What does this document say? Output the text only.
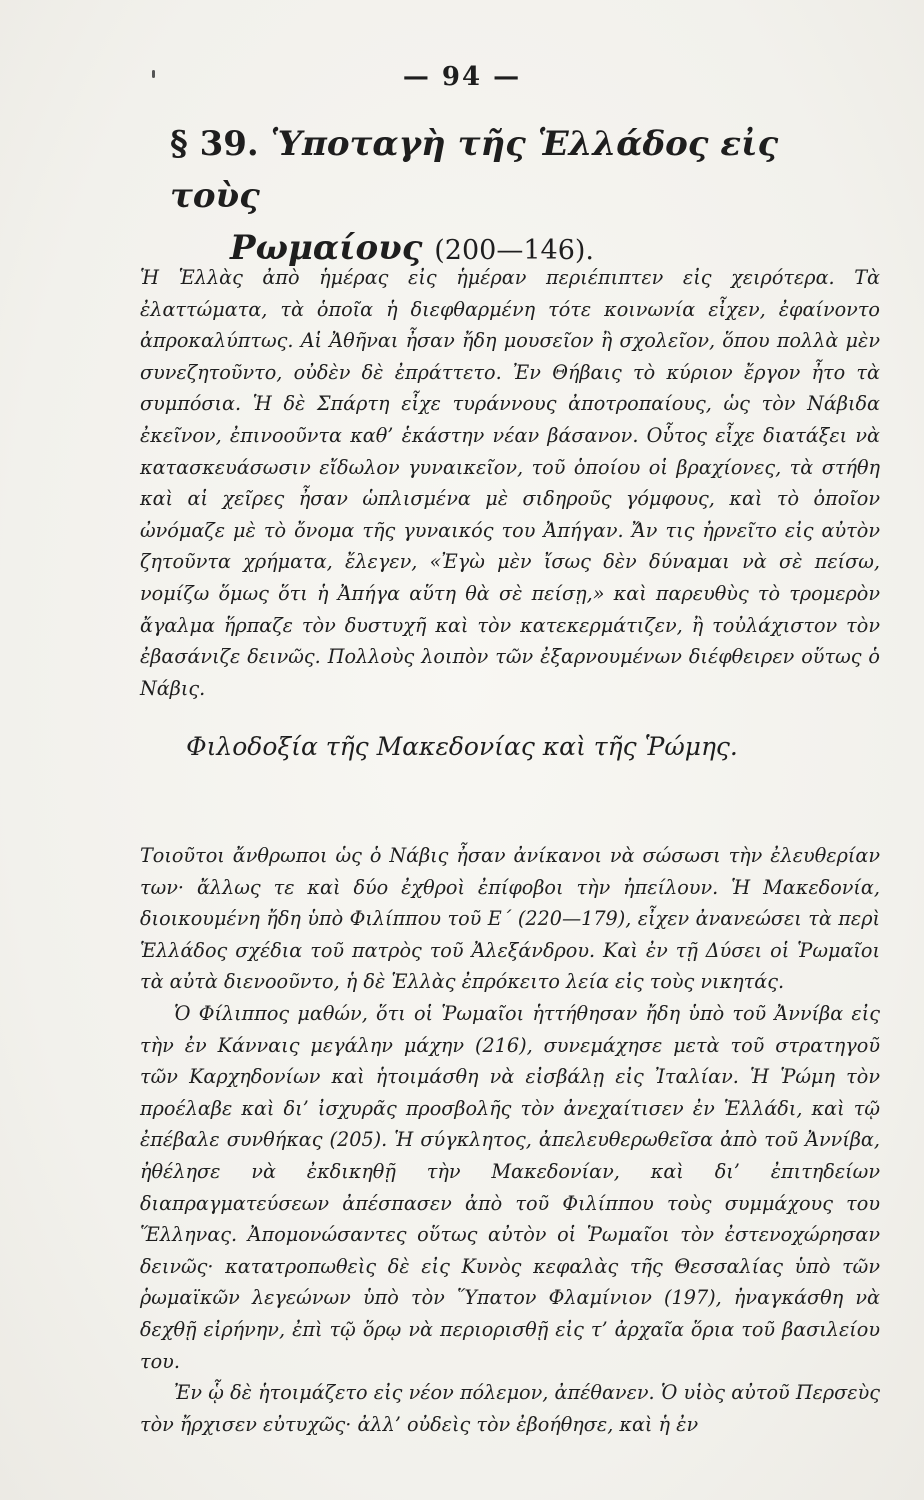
— 94 —
§ 39. Ὑποταγὴ τῆς Ἑλλάδος εἰς τοὺς
Ρωμαίους (200—146).

Ἡ Ἑλλὰς ἀπὸ ἡμέρας εἰς ἡμέραν περιέπιπτεν εἰς χειρότερα. Τὰ ἐλαττώματα, τὰ ὁποῖα ἡ διεφθαρμένη τότε κοινωνία εἶχεν, ἐφαίνοντο ἀπροκαλύπτως. Αἱ Ἀθῆναι ἦσαν ἤδη μουσεῖον ἢ σχολεῖον, ὅπου πολλὰ μὲν συνεζητοῦντο, οὐδὲν δὲ ἐπράττετο. Ἐν Θήβαις τὸ κύριον ἔργον ἦτο τὰ συμπόσια. Ἡ δὲ Σπάρτη εἶχε τυράννους ἀποτροπαίους, ὡς τὸν Νάβιδα ἐκεῖνον, ἐπινοοῦντα καθ’ ἑκάστην νέαν βάσανον. Οὗτος εἶχε διατάξει νὰ κατασκευάσωσιν εἴδωλον γυναικεῖον, τοῦ ὁποίου οἱ βραχίονες, τὰ στήθη καὶ αἱ χεῖρες ἦσαν ὡπλισμένα μὲ σιδηροῦς γόμφους, καὶ τὸ ὁποῖον ὠνόμαζε μὲ τὸ ὄνομα τῆς γυναικός του Ἀπήγαν. Ἄν τις ἠρνεῖτο εἰς αὐτὸν ζητοῦντα χρήματα, ἔλεγεν, «Ἐγὼ μὲν ἴσως δὲν δύναμαι νὰ σὲ πείσω, νομίζω ὅμως ὅτι ἡ Ἀπήγα αὕτη θὰ σὲ πείσῃ,» καὶ παρευθὺς τὸ τρομερὸν ἄγαλμα ἥρπαζε τὸν δυστυχῆ καὶ τὸν κατεκερμάτιζεν, ἢ τοὐλάχιστον τὸν ἐβασάνιζε δεινῶς. Πολλοὺς λοιπὸν τῶν ἐξαρνουμένων διέφθειρεν οὕτως ὁ Νάβις.

Φιλοδοξία τῆς Μακεδονίας καὶ τῆς Ῥώμης.

Τοιοῦτοι ἄνθρωποι ὡς ὁ Νάβις ἦσαν ἀνίκανοι νὰ σώσωσι τὴν ἐλευθερίαν των· ἄλλως τε καὶ δύο ἐχθροὶ ἐπίφοβοι τὴν ἠπείλουν. Ἡ Μακεδονία, διοικουμένη ἤδη ὑπὸ Φιλίππου τοῦ Ε΄ (220—179), εἶχεν ἀνανεώσει τὰ περὶ Ἑλλάδος σχέδια τοῦ πατρὸς τοῦ Ἀλεξάνδρου. Καὶ ἐν τῇ Δύσει οἱ Ῥωμαῖοι τὰ αὐτὰ διενοοῦντο, ἡ δὲ Ἑλλὰς ἐπρόκειτο λεία εἰς τοὺς νικητάς.

Ὁ Φίλιππος μαθών, ὅτι οἱ Ῥωμαῖοι ἡττήθησαν ἤδη ὑπὸ τοῦ Ἀννίβα εἰς τὴν ἐν Κάνναις μεγάλην μάχην (216), συνεμάχησε μετὰ τοῦ στρατηγοῦ τῶν Καρχηδονίων καὶ ἡτοιμάσθη νὰ εἰσβάλῃ εἰς Ἰταλίαν. Ἡ Ῥώμη τὸν προέλαβε καὶ δι’ ἰσχυρᾶς προσβολῆς τὸν ἀνεχαίτισεν ἐν Ἑλλάδι, καὶ τῷ ἐπέβαλε συνθήκας (205). Ἡ σύγκλητος, ἀπελευθερωθεῖσα ἀπὸ τοῦ Ἀννίβα, ἠθέλησε νὰ ἐκδικηθῇ τὴν Μακεδονίαν, καὶ δι’ ἐπιτηδείων διαπραγματεύσεων ἀπέσπασεν ἀπὸ τοῦ Φιλίππου τοὺς συμμάχους του Ἕλληνας. Ἀπομονώσαντες οὕτως αὐτὸν οἱ Ῥωμαῖοι τὸν ἐστενοχώρησαν δεινῶς· κατατροπωθεὶς δὲ εἰς Κυνὸς κεφαλὰς τῆς Θεσσαλίας ὑπὸ τῶν ῥωμαϊκῶν λεγεώνων ὑπὸ τὸν Ὕπατον Φλαμίνιον (197), ἠναγκάσθη νὰ δεχθῇ εἰρήνην, ἐπὶ τῷ ὅρῳ νὰ περιορισθῇ εἰς τ’ ἀρχαῖα ὅρια τοῦ βασιλείου του.

Ἐν ᾧ δὲ ἡτοιμάζετο εἰς νέον πόλεμον, ἀπέθανεν. Ὁ υἱὸς αὐτοῦ Περσεὺς τὸν ἤρχισεν εὐτυχῶς· ἀλλ’ οὐδεὶς τὸν ἐβοήθησε, καὶ ἡ ἐν
